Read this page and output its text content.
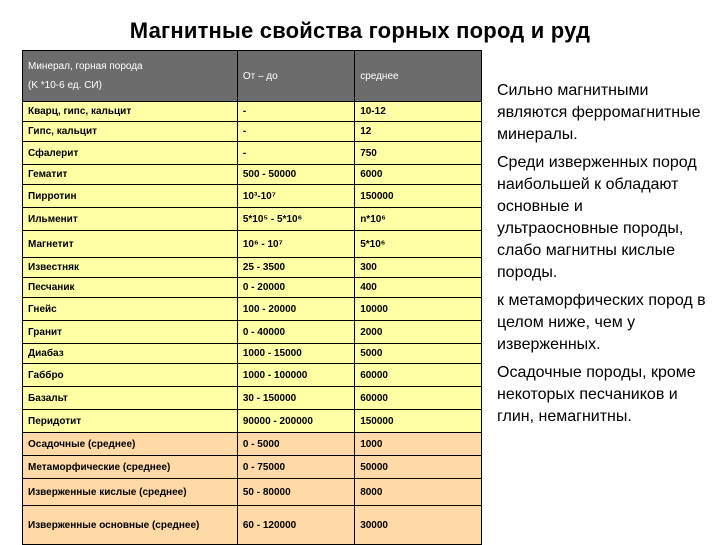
Магнитные свойства горных пород и руд
Минерал, горная порода
(K *10-6 ед. СИ)	От – до	среднее
Кварц, гипс, кальцит	-	10-12
Гипс, кальцит	-	12
Сфалерит	-	750
Гематит	500 - 50000	6000
Пирротин	10³-10⁷	150000
Ильменит	5*10⁵ - 5*10⁶	n*10⁶
Магнетит	10⁶ - 10⁷	5*10⁶
Известняк	25 - 3500	300
Песчаник	0 - 20000	400
Гнейс	100 - 20000	10000
Гранит	0 - 40000	2000
Диабаз	1000 - 15000	5000
Габбро	1000 - 100000	60000
Базальт	30 - 150000	60000
Перидотит	90000 - 200000	150000
Осадочные (среднее)	0 - 5000	1000
Метаморфические (среднее)	0 - 75000	50000
Изверженные кислые (среднее)	50 - 80000	8000
Изверженные основные (среднее)	60 - 120000	30000

Сильно магнитными являются ферромагнитные минералы.

Среди изверженных пород наибольшей к обладают основные и ультраосновные породы, слабо магнитны кислые породы.

к метаморфических пород в целом ниже, чем у изверженных.

Осадочные породы, кроме некоторых песчаников и глин, немагнитны.
